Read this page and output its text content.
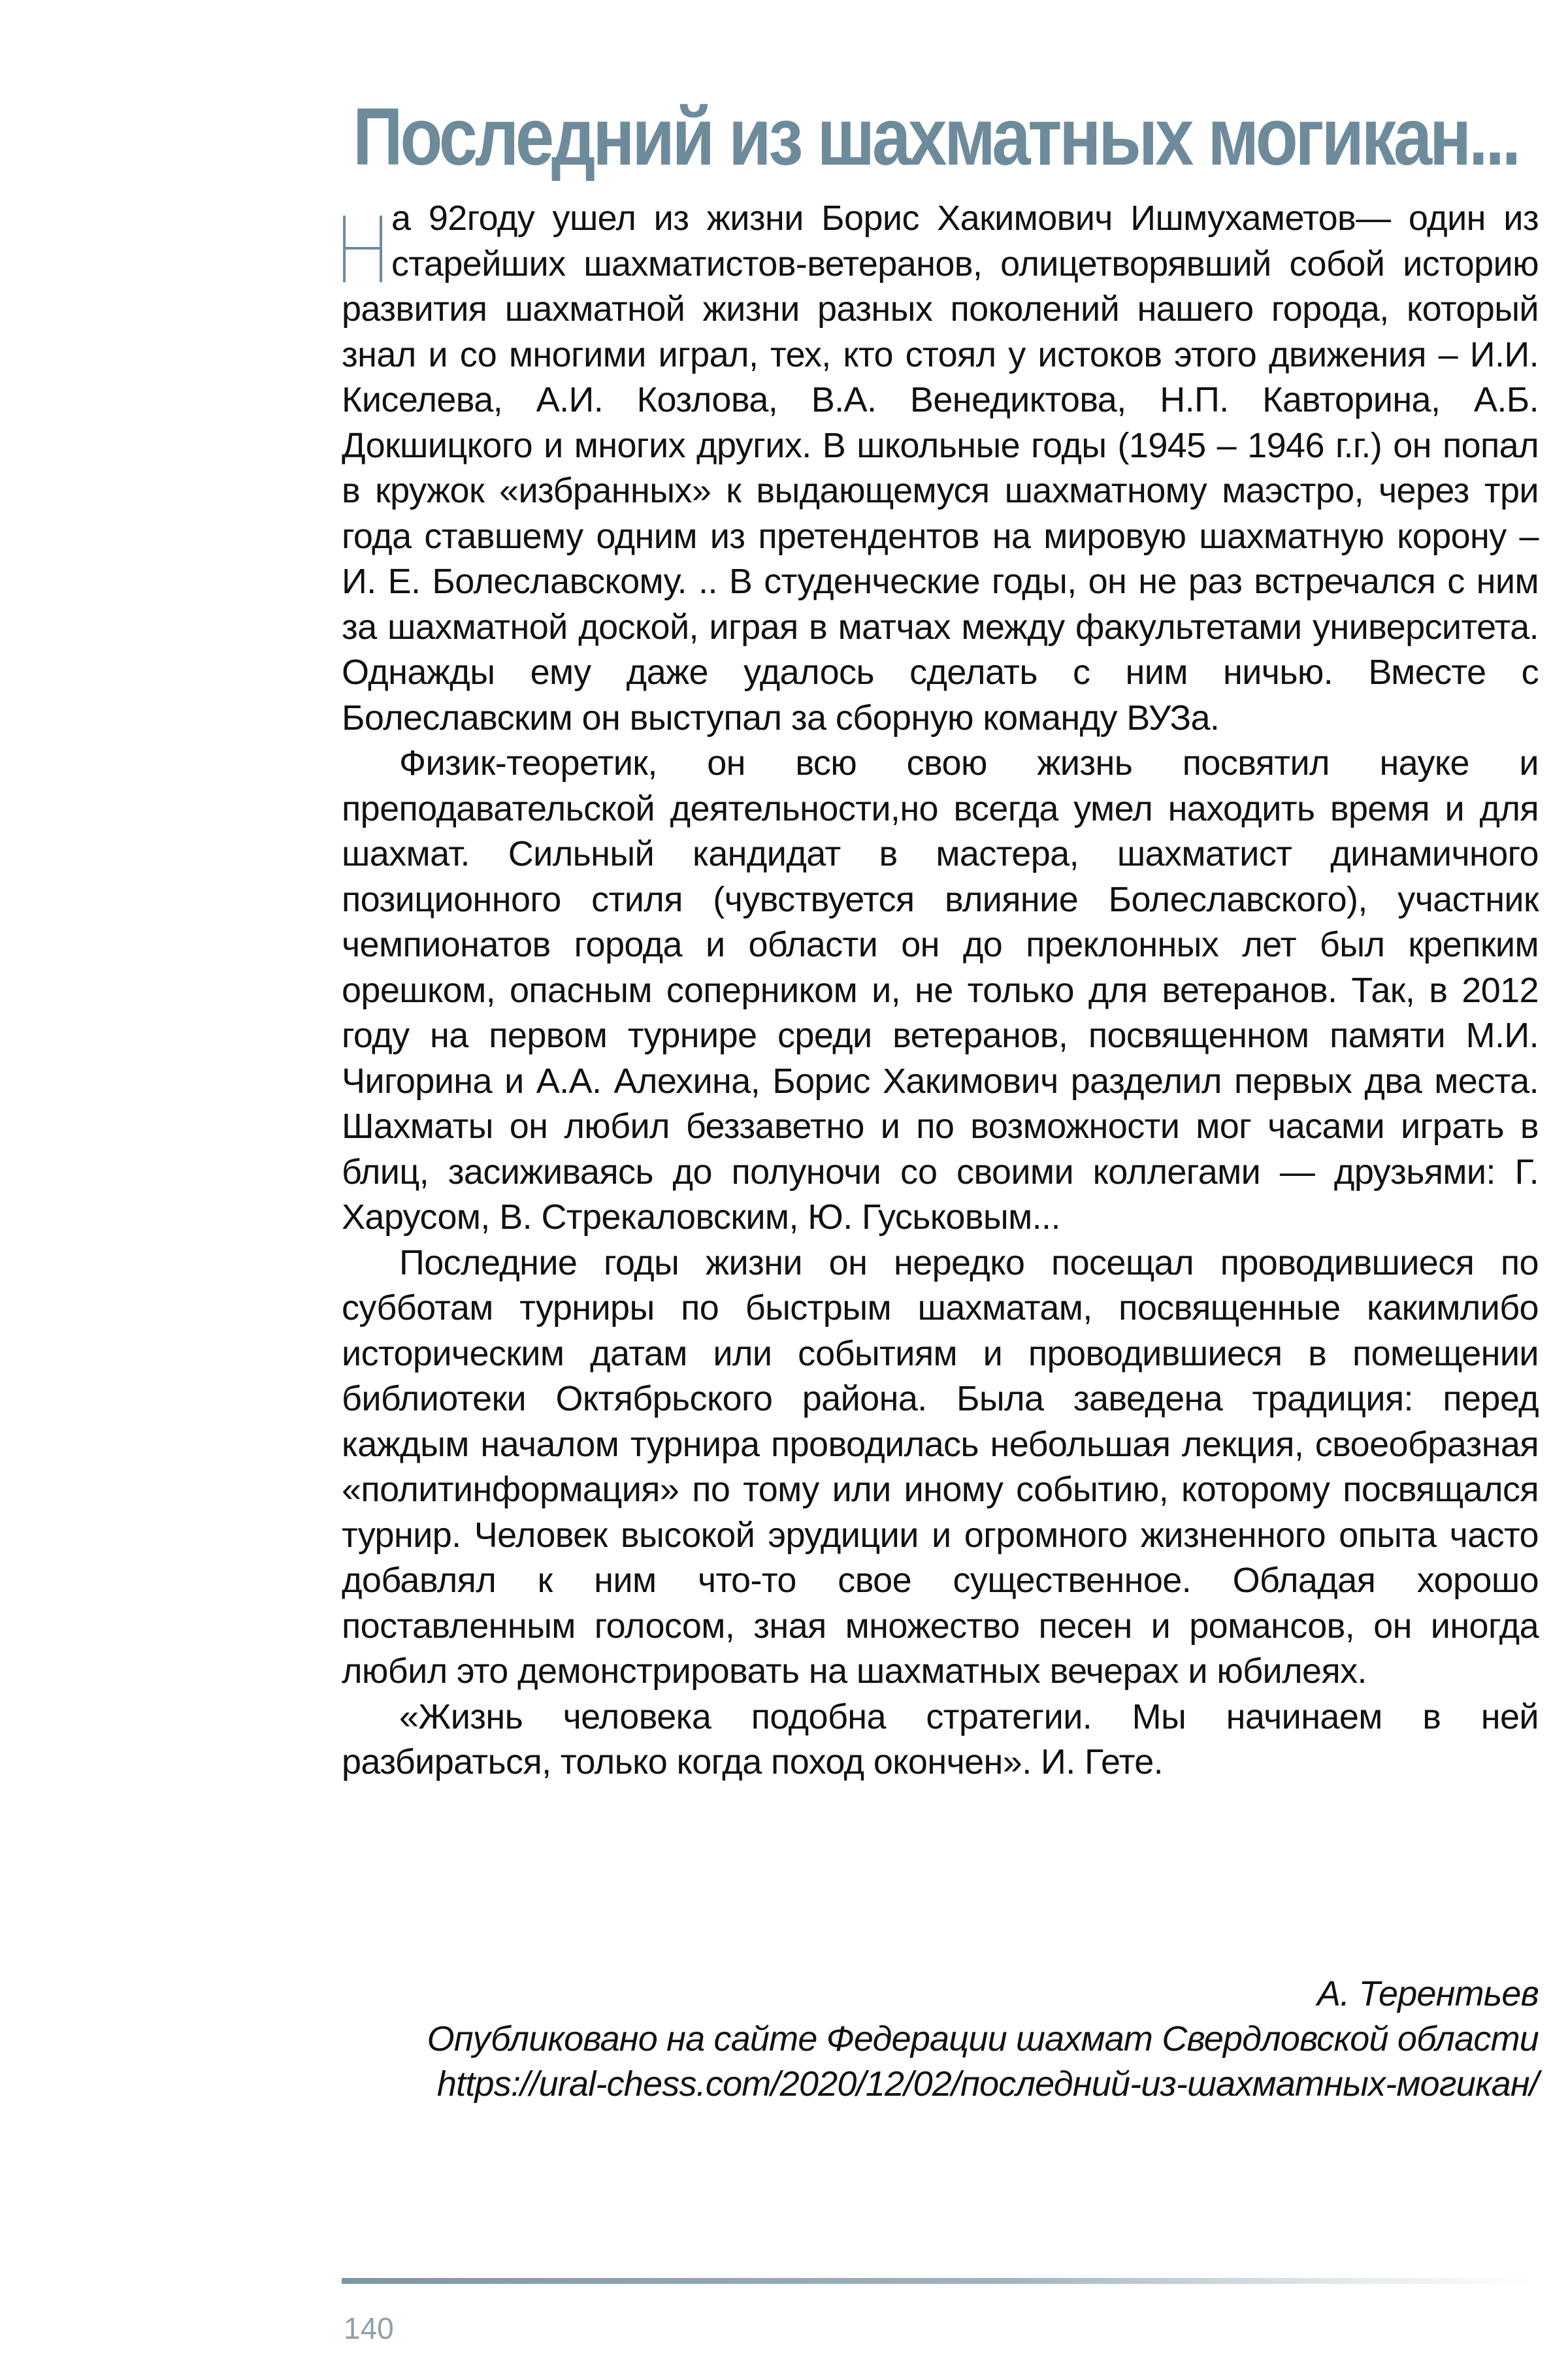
Последний из шахматных могикан...

а 92году ушел из жизни Борис Хакимович Ишмухаметов— один из старейших шахматистов-ветеранов, олицетворявший собой историю развития шахматной жизни разных поколений нашего города, который знал и со многими играл, тех, кто стоял у истоков этого движения – И.И. Киселева, А.И. Козлова, В.А. Венедиктова, Н.П. Кавторина, А.Б. Докшицкого и многих других. В школьные годы (1945 – 1946 г.г.) он попал в кружок «избранных» к выдающемуся шахматному маэстро, через три года ставшему одним из претендентов на мировую шахматную корону – И. Е. Болеславскому. .. В студенческие годы, он не раз встречался с ним за шахматной доской, играя в матчах между факультетами университета. Однажды ему даже удалось сделать с ним ничью. Вместе с Болеславским он выступал за сборную команду ВУЗа.

Физик-теоретик, он всю свою жизнь посвятил науке и преподавательской деятельности,но всегда умел находить время и для шахмат. Сильный кандидат в мастера, шахматист динамичного позиционного стиля (чувствуется влияние Болеславского), участник чемпионатов города и области он до преклонных лет был крепким орешком, опасным соперником и, не только для ветеранов. Так, в 2012 году на первом турнире среди ветеранов, посвященном памяти М.И. Чигорина и А.А. Алехина, Борис Хакимович разделил первых два места. Шахматы он любил беззаветно и по возможности мог часами играть в блиц, засиживаясь до полуночи со своими коллегами — друзьями: Г. Харусом, В. Стрекаловским, Ю. Гуськовым...

Последние годы жизни он нередко посещал проводившиеся по субботам турниры по быстрым шахматам, посвященные какимлибо историческим датам или событиям и проводившиеся в помещении библиотеки Октябрьского района. Была заведена традиция: перед каждым началом турнира проводилась небольшая лекция, своеобразная «политинформация» по тому или иному событию, которому посвящался турнир. Человек высокой эрудиции и огромного жизненного опыта часто добавлял к ним что-то свое существенное. Обладая хорошо поставленным голосом, зная множество песен и романсов, он иногда любил это демонстрировать на шахматных вечерах и юбилеях.

«Жизнь человека подобна стратегии. Мы начинаем в ней разбираться, только когда поход окончен». И. Гете.

А. Терентьев
Опубликовано на сайте Федерации шахмат Свердловской области
https://ural-chess.com/2020/12/02/последний-из-шахматных-могикан/
140
